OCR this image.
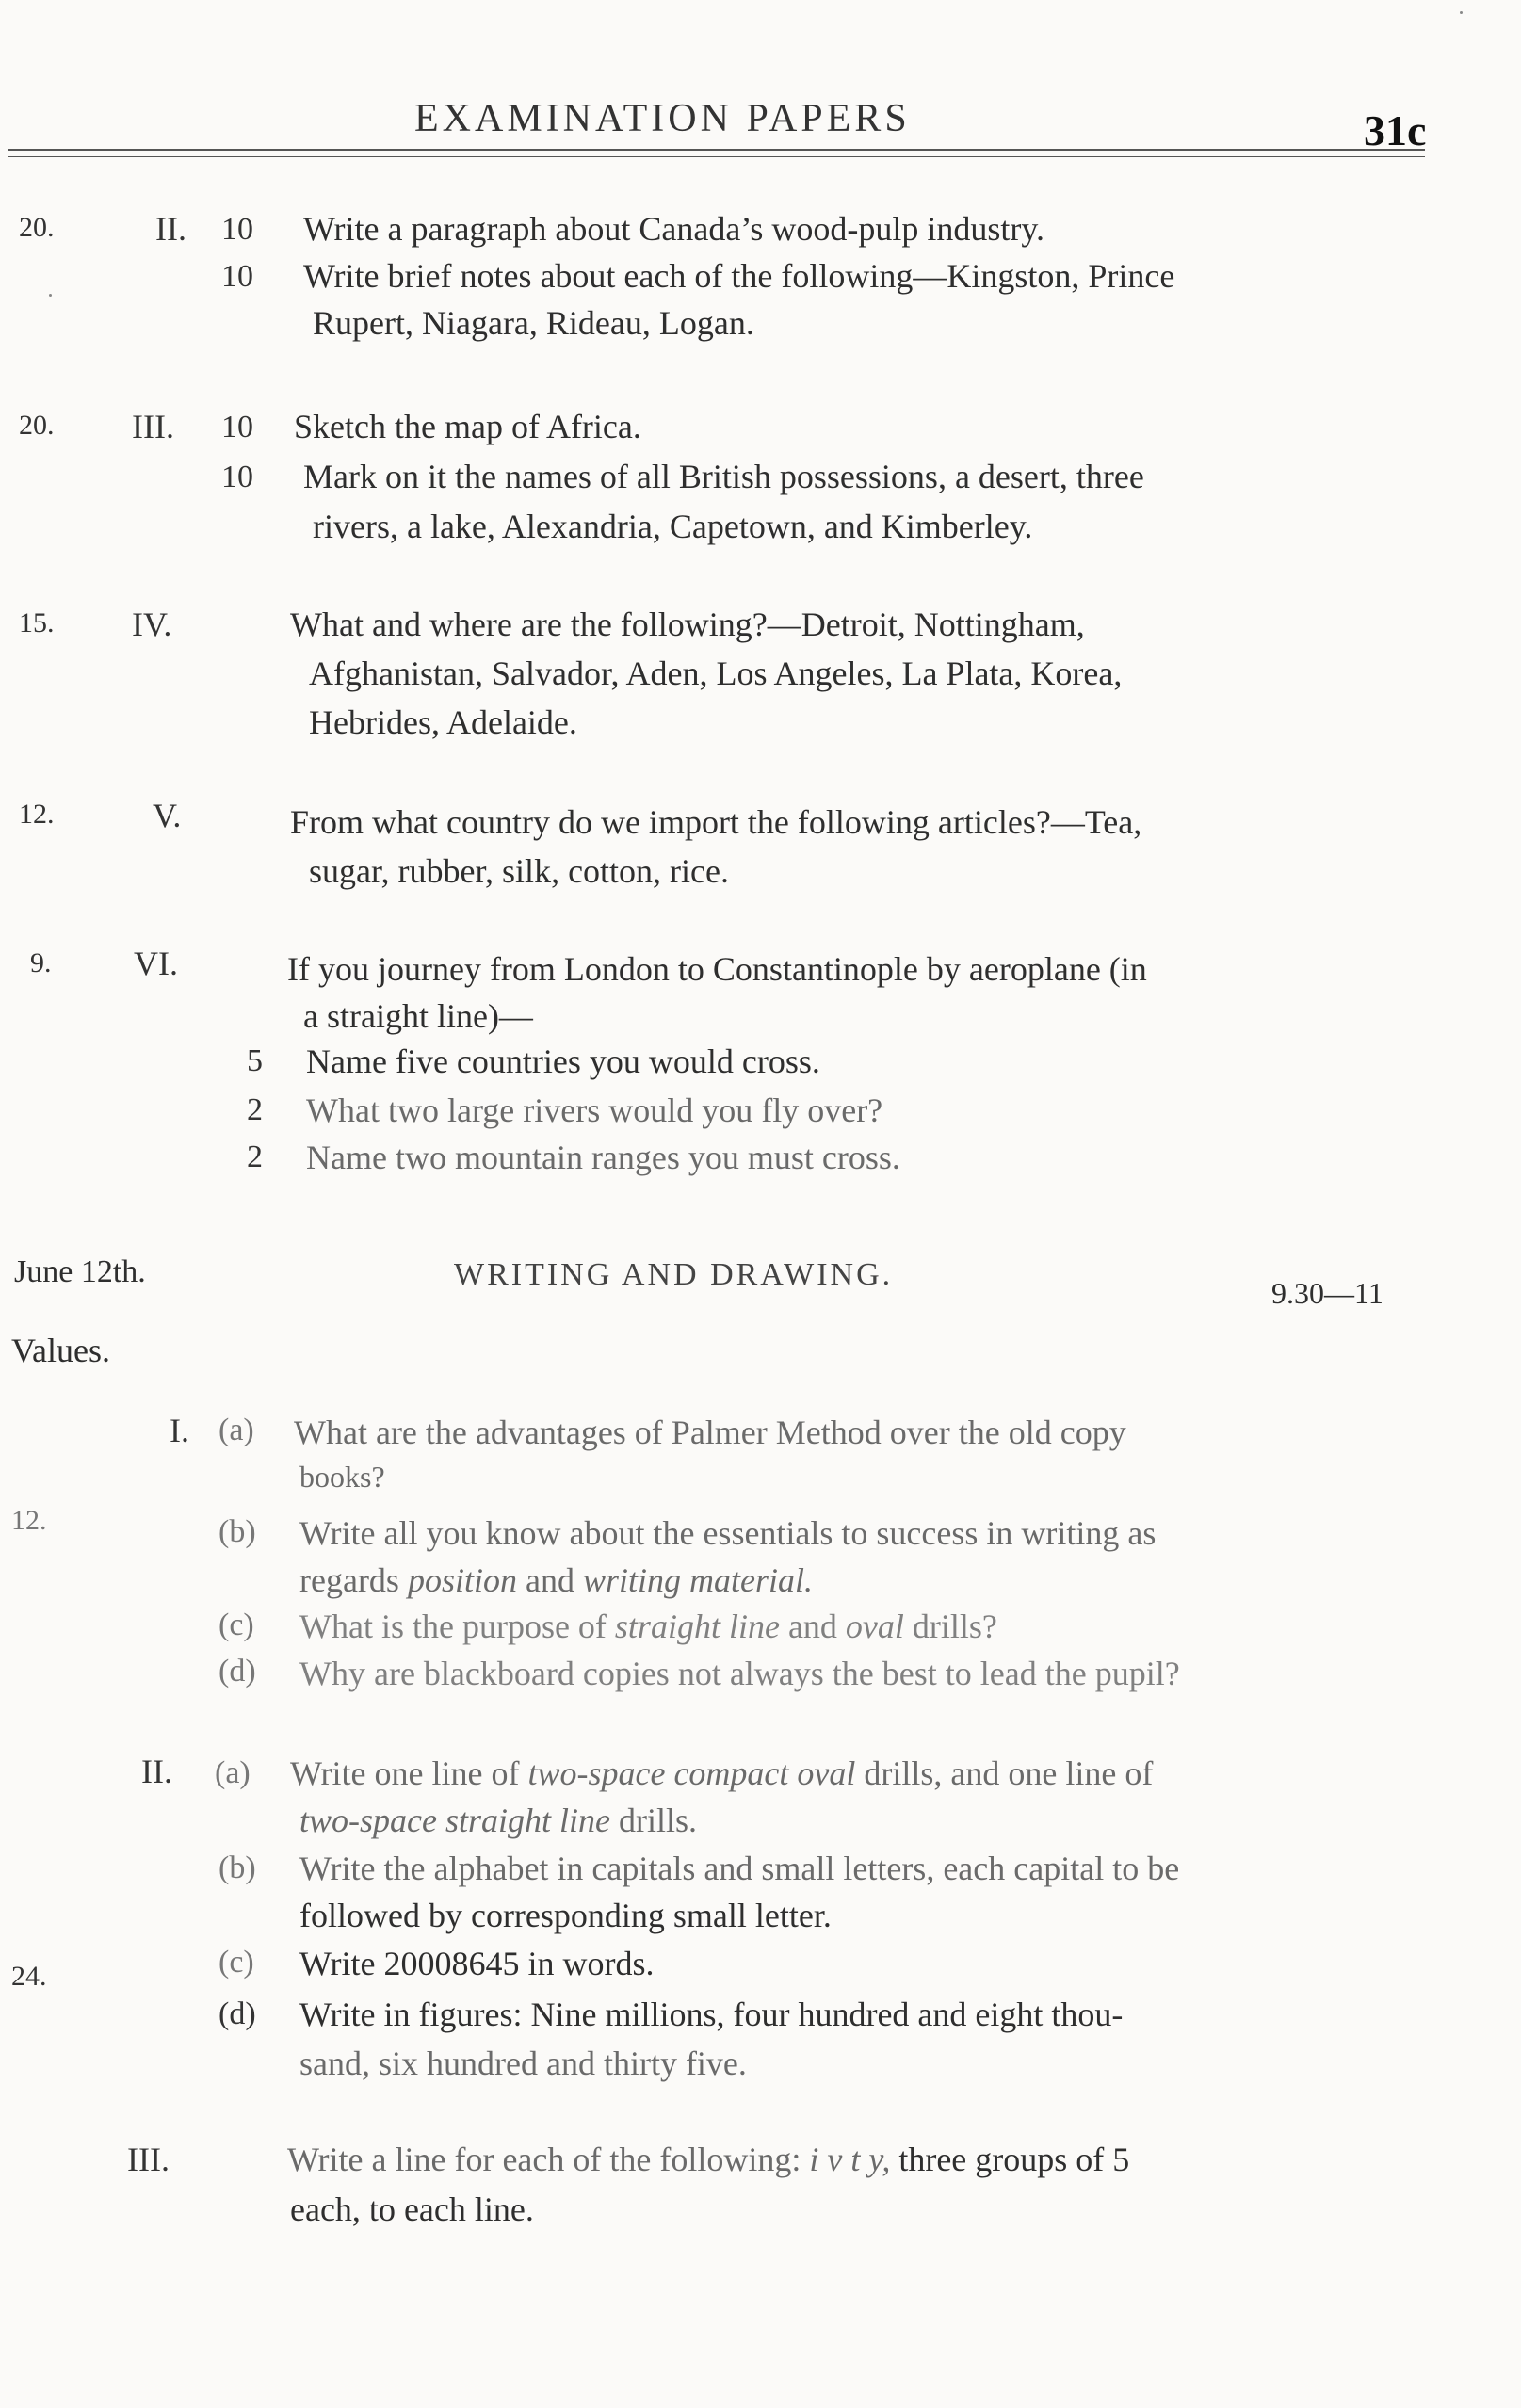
EXAMINATION PAPERS	31c
20.	II. 10 Write a paragraph about Canada’s wood-pulp industry.
10 Write brief notes about each of the following—Kingston, Prince
Rupert, Niagara, Rideau, Logan.
20. III. 10 Sketch the map of Africa.
10 Mark on it the names of all British possessions, a desert, three
rivers, a lake, Alexandria, Capetown, and Kimberley.
15. IV.	What and where are the following?—Detroit, Nottingham,
Afghanistan, Salvador, Aden, Los Angeles, La Plata, Korea,
Hebrides, Adelaide.
12.	V.	From what country do we import the following articles?—Tea,
sugar, rubber, silk, cotton, rice.
9. VI.	If you journey from London to Constantinople by aeroplane (in
a straight line)—
5 Name five countries you would cross.
2 What two large rivers would you fly over?
2 Name two mountain ranges you must cross.
June 12th.	WRITING AND DRAWING.
9.30—11
Values.
I. (a) What are the advantages of Palmer Method over the old copy
books?
12.	(b) Write all you know about the essentials to success in writing as
regards position and writing material.
(c) What is the purpose of straight line and oval drills?
(d) Why are blackboard copies not always the best to lead the pupil?
II. (a) Write one line of two-space compact oval drills, and one line of
two-space straight line drills.
(b) Write the alphabet in capitals and small letters, each capital to be
followed by corresponding small letter.
24.	(c) Write 20008645 in words.
(d) Write in figures: Nine millions, four hundred and eight thou-
sand, six hundred and thirty five.
III.	Write a line for each of the following: i v t y, three groups of 5
each, to each line.
